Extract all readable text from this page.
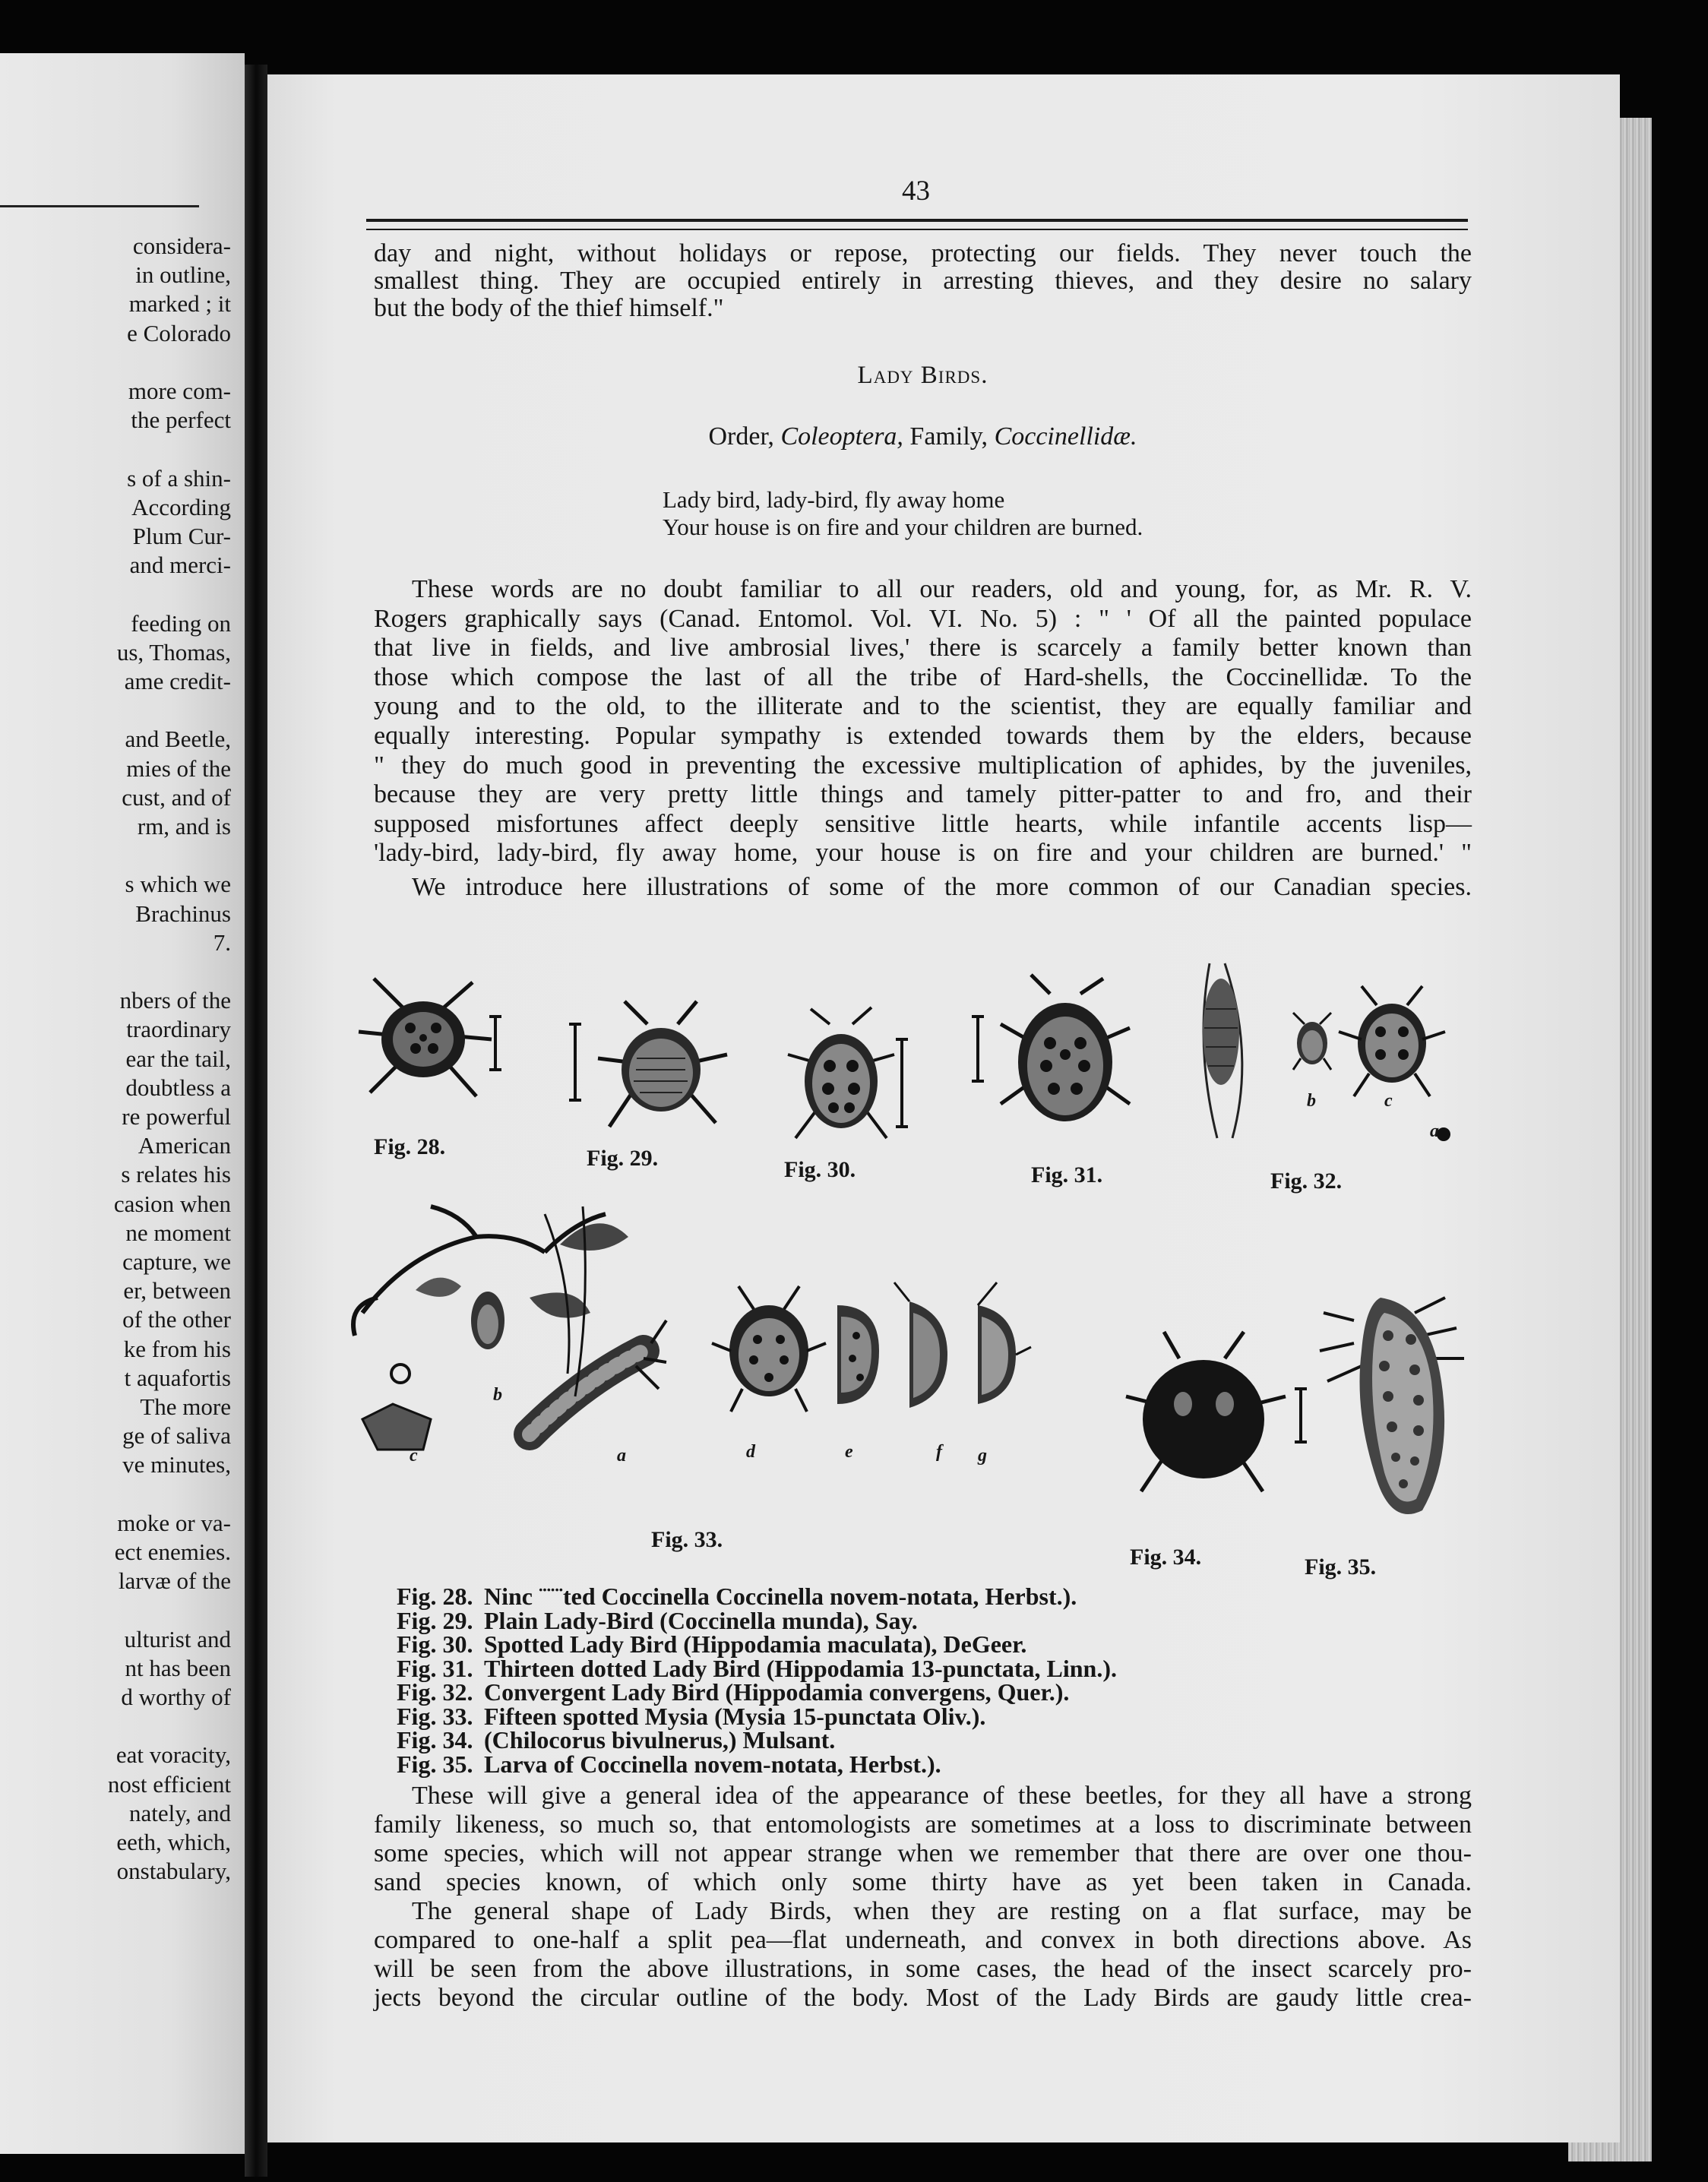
considera-
in outline,
marked ; it
e Colorado
more com-
the perfect
s of a shin-
According
Plum Cur-
and merci-
feeding on
us, Thomas,
ame credit-
and Beetle,
mies of the
cust, and of
rm, and is
s which we
Brachinus
7.
nbers of the
traordinary
ear the tail,
doubtless a
re powerful
American
s relates his
casion when
ne moment
capture, we
er, between
of the other
ke from his
t aquafortis
The more
ge of saliva
ve minutes,
moke or va-
ect enemies.
larvæ of the
ulturist and
nt has been
d worthy of
eat voracity,
nost efficient
nately, and
eeth, which,
onstabulary,
43
day and night, without holidays or repose, protecting our fields. They never touch the
smallest thing. They are occupied entirely in arresting thieves, and they desire no salary
but the body of the thief himself."
Lady Birds.
Order, Coleoptera, Family, Coccinellidæ.
Lady bird, lady-bird, fly away home
Your house is on fire and your children are burned.
These words are no doubt familiar to all our readers, old and young, for, as Mr. R. V.
Rogers graphically says (Canad. Entomol. Vol. VI. No. 5) : " ' Of all the painted populace
that live in fields, and live ambrosial lives,' there is scarcely a family better known than
those which compose the last of all the tribe of Hard-shells, the Coccinellidæ. To the
young and to the old, to the illiterate and to the scientist, they are equally familiar and
equally interesting. Popular sympathy is extended towards them by the elders, because
" they do much good in preventing the excessive multiplication of aphides, by the juveniles,
because they are very pretty little things and tamely pitter-patter to and fro, and their
supposed misfortunes affect deeply sensitive little hearts, while infantile accents lisp—
'lady-bird, lady-bird, fly away home, your house is on fire and your children are burned.' "
We introduce here illustrations of some of the more common of our Canadian species.
Fig. 28.	Fig. 29.	Fig. 30.	Fig. 31.
b	c
a
Fig. 32.
b
c	a	d	e	f g
Fig. 33.
Fig. 34.	Fig. 35.
Fig. 28. Ninc ¨¨¨ted Coccinella Coccinella novem-notata, Herbst.).
Fig. 29. Plain Lady-Bird (Coccinella munda), Say.
Fig. 30. Spotted Lady Bird (Hippodamia maculata), DeGeer.
Fig. 31. Thirteen dotted Lady Bird (Hippodamia 13-punctata, Linn.).
Fig. 32. Convergent Lady Bird (Hippodamia convergens, Quer.).
Fig. 33. Fifteen spotted Mysia (Mysia 15-punctata Oliv.).
Fig. 34. (Chilocorus bivulnerus,) Mulsant.
Fig. 35. Larva of Coccinella novem-notata, Herbst.).
These will give a general idea of the appearance of these beetles, for they all have a strong
family likeness, so much so, that entomologists are sometimes at a loss to discriminate between
some species, which will not appear strange when we remember that there are over one thou-
sand species known, of which only some thirty have as yet been taken in Canada.
The general shape of Lady Birds, when they are resting on a flat surface, may be
compared to one-half a split pea—flat underneath, and convex in both directions above. As
will be seen from the above illustrations, in some cases, the head of the insect scarcely pro-
jects beyond the circular outline of the body. Most of the Lady Birds are gaudy little crea-
